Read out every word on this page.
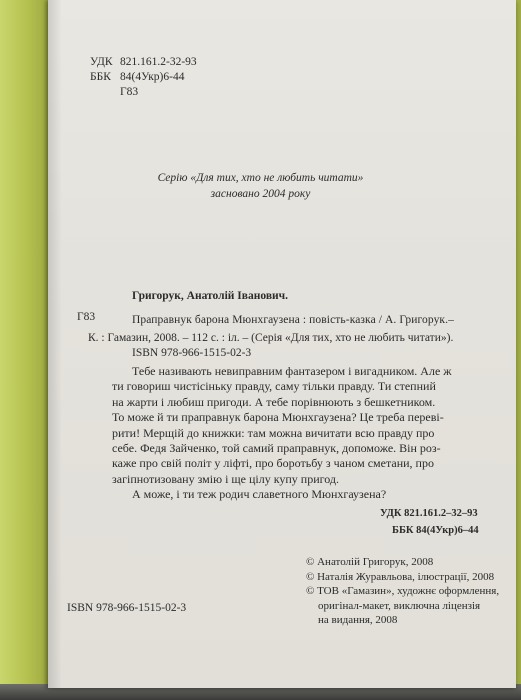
УДК 821.161.2-32-93
ББК 84(4Укр)6-44
Г83
Серію «Для тих, хто не любить читати»
засновано 2004 року
Григорук, Анатолій Іванович.
Г83	Праправнук барона Мюнхгаузена : повість-казка / А. Григорук.–
К. : Гамазин, 2008. – 112 с. : іл. – (Серія «Для тих, хто не любить читати»).
ISBN 978-966-1515-02-3
Тебе називають невиправним фантазером і вигадником. Але ж
ти говориш чистісіньку правду, саму тільки правду. Ти степний
на жарти і любиш пригоди. А тебе порівнюють з бешкетником.
То може й ти праправнук барона Мюнхгаузена? Це треба переві-
рити! Мерщій до книжки: там можна вичитати всю правду про
себе. Федя Зайченко, той самий праправнук, допоможе. Він роз-
каже про свій політ у ліфті, про боротьбу з чаном сметани, про
загіпнотизовану змію і ще цілу купу пригод.
А може, і ти теж родич славетного Мюнхгаузена?
УДК 821.161.2–32–93
ББК 84(4Укр)6–44
© Анатолій Григорук, 2008
© Наталія Журавльова, ілюстрації, 2008
© ТОВ «Гамазин», художнє оформлення,
оригінал-макет, виключна ліцензія
на видання, 2008
ISBN 978-966-1515-02-3
